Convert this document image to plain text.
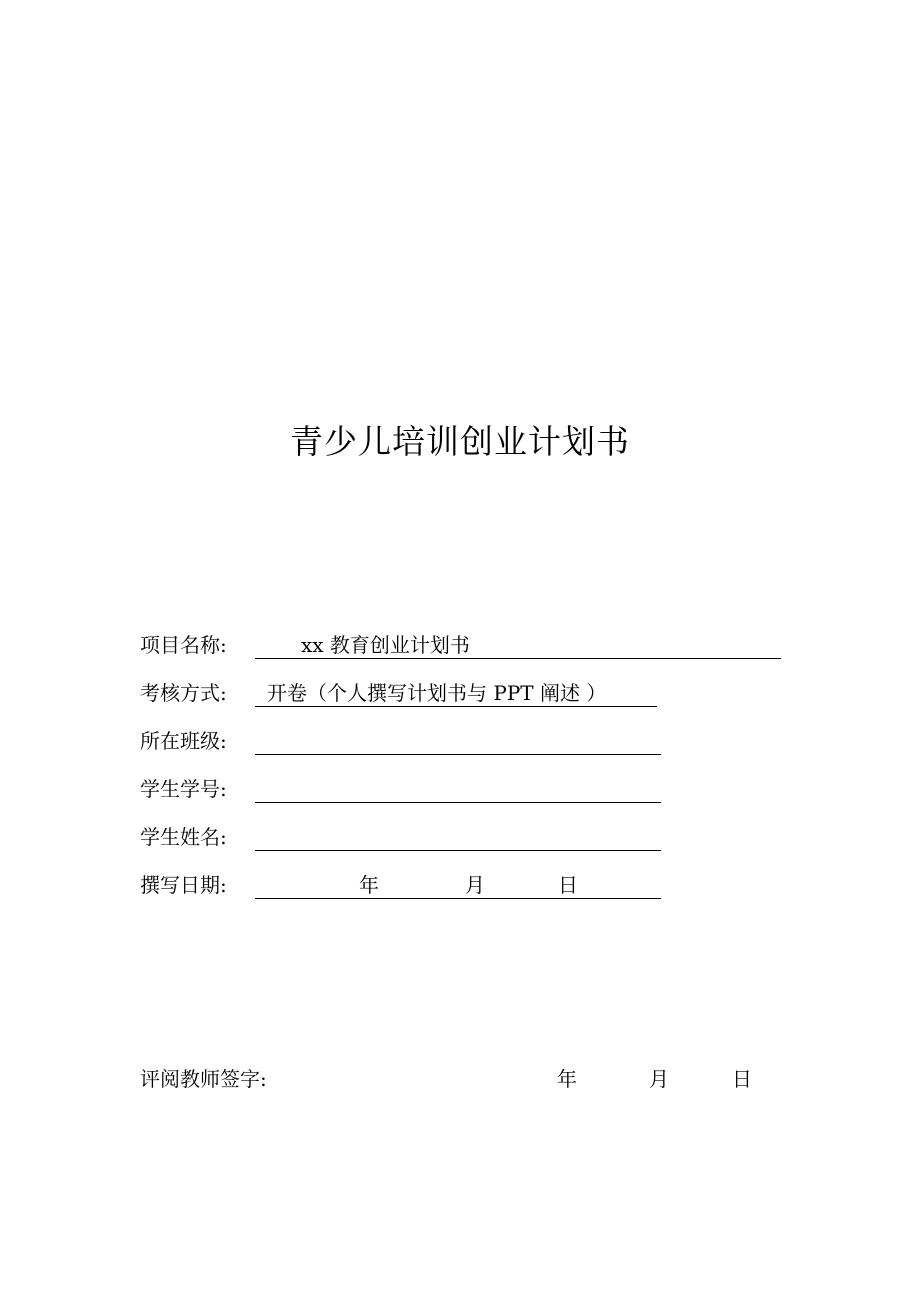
青少儿培训创业计划书
项目名称:	xx 教育创业计划书
考核方式:	开卷（个人撰写计划书与 PPT 阐述 ）
所在班级:
学生学号:
学生姓名:
撰写日期:	年	月	日
评阅教师签字:	年	月	日
